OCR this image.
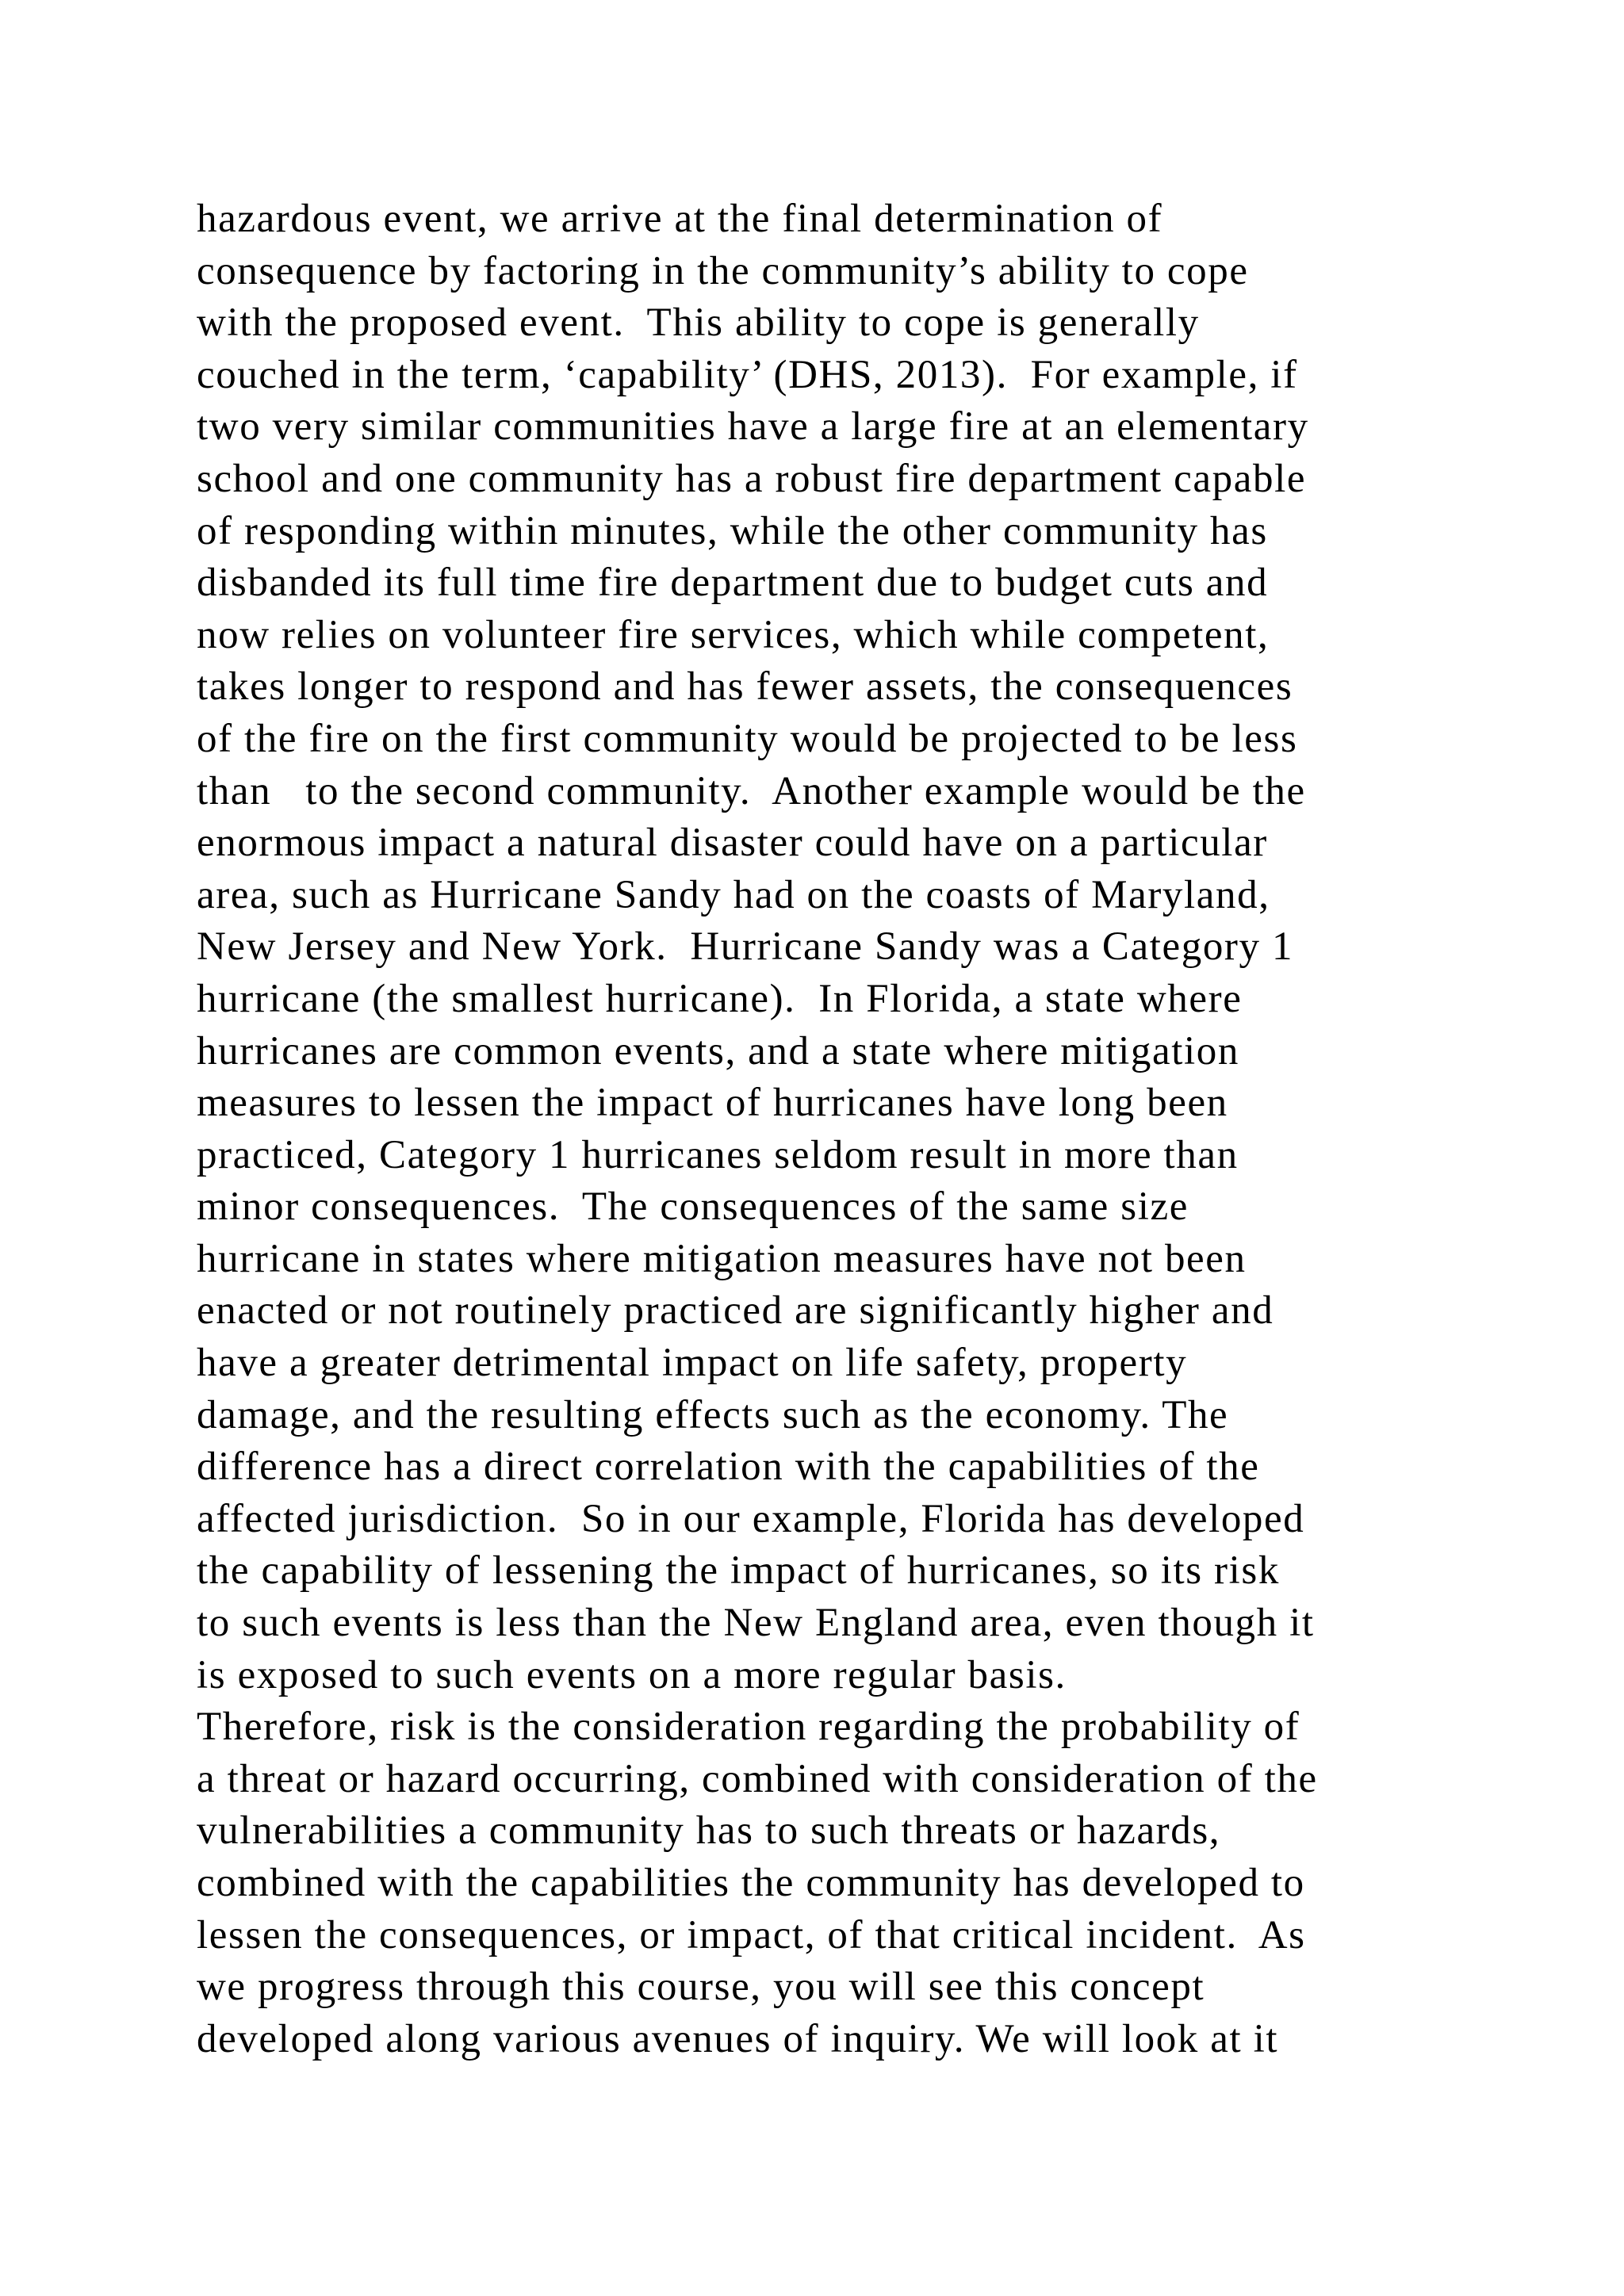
hazardous event, we arrive at the final determination of
consequence by factoring in the community’s ability to cope
with the proposed event.  This ability to cope is generally
couched in the term, ‘capability’ (DHS, 2013).  For example, if
two very similar communities have a large fire at an elementary
school and one community has a robust fire department capable
of responding within minutes, while the other community has
disbanded its full time fire department due to budget cuts and
now relies on volunteer fire services, which while competent,
takes longer to respond and has fewer assets, the consequences
of the fire on the first community would be projected to be less
than   to the second community.  Another example would be the
enormous impact a natural disaster could have on a particular
area, such as Hurricane Sandy had on the coasts of Maryland,
New Jersey and New York.  Hurricane Sandy was a Category 1
hurricane (the smallest hurricane).  In Florida, a state where
hurricanes are common events, and a state where mitigation
measures to lessen the impact of hurricanes have long been
practiced, Category 1 hurricanes seldom result in more than
minor consequences.  The consequences of the same size
hurricane in states where mitigation measures have not been
enacted or not routinely practiced are significantly higher and
have a greater detrimental impact on life safety, property
damage, and the resulting effects such as the economy. The
difference has a direct correlation with the capabilities of the
affected jurisdiction.  So in our example, Florida has developed
the capability of lessening the impact of hurricanes, so its risk
to such events is less than the New England area, even though it
is exposed to such events on a more regular basis.
Therefore, risk is the consideration regarding the probability of
a threat or hazard occurring, combined with consideration of the
vulnerabilities a community has to such threats or hazards,
combined with the capabilities the community has developed to
lessen the consequences, or impact, of that critical incident.  As
we progress through this course, you will see this concept
developed along various avenues of inquiry. We will look at it
